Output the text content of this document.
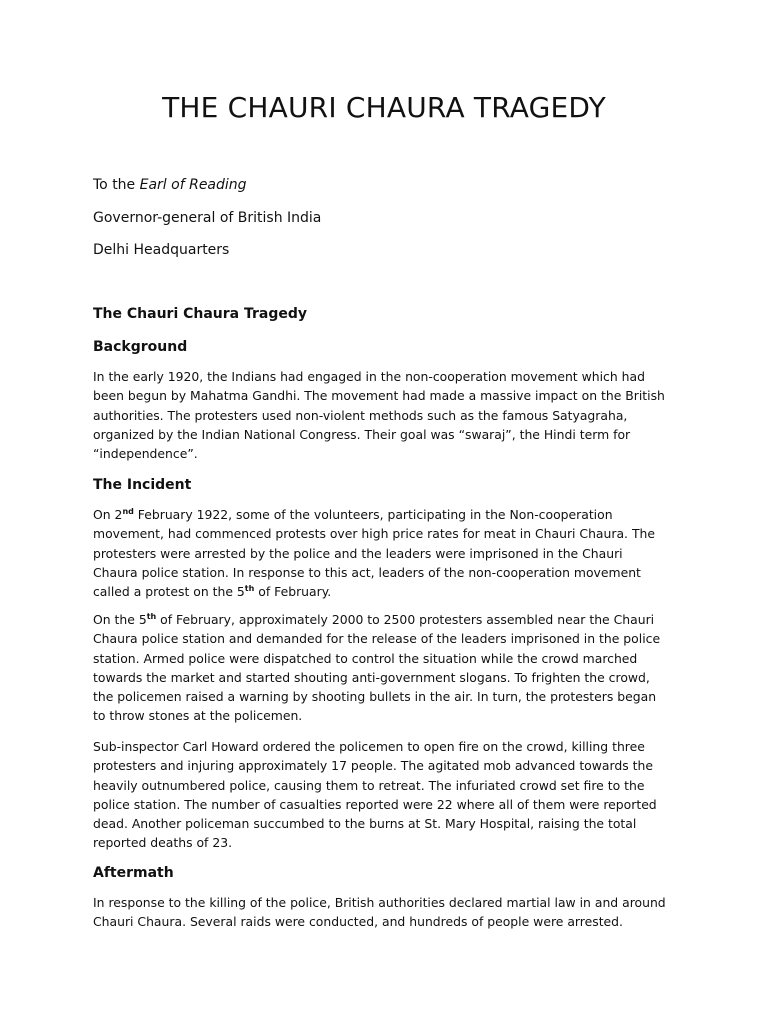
THE CHAURI CHAURA TRAGEDY

To the Earl of Reading

Governor-general of British India

Delhi Headquarters

The Chauri Chaura Tragedy

Background

In the early 1920, the Indians had engaged in the non-cooperation movement which had
been begun by Mahatma Gandhi. The movement had made a massive impact on the British
authorities. The protesters used non-violent methods such as the famous Satyagraha,
organized by the Indian National Congress. Their goal was “swaraj”, the Hindi term for
“independence”.

The Incident

On 2nd February 1922, some of the volunteers, participating in the Non-cooperation
movement, had commenced protests over high price rates for meat in Chauri Chaura. The
protesters were arrested by the police and the leaders were imprisoned in the Chauri
Chaura police station. In response to this act, leaders of the non-cooperation movement
called a protest on the 5th of February.

On the 5th of February, approximately 2000 to 2500 protesters assembled near the Chauri
Chaura police station and demanded for the release of the leaders imprisoned in the police
station. Armed police were dispatched to control the situation while the crowd marched
towards the market and started shouting anti-government slogans. To frighten the crowd,
the policemen raised a warning by shooting bullets in the air. In turn, the protesters began
to throw stones at the policemen.

Sub-inspector Carl Howard ordered the policemen to open fire on the crowd, killing three
protesters and injuring approximately 17 people. The agitated mob advanced towards the
heavily outnumbered police, causing them to retreat. The infuriated crowd set fire to the
police station. The number of casualties reported were 22 where all of them were reported
dead. Another policeman succumbed to the burns at St. Mary Hospital, raising the total
reported deaths of 23.

Aftermath

In response to the killing of the police, British authorities declared martial law in and around
Chauri Chaura. Several raids were conducted, and hundreds of people were arrested.
